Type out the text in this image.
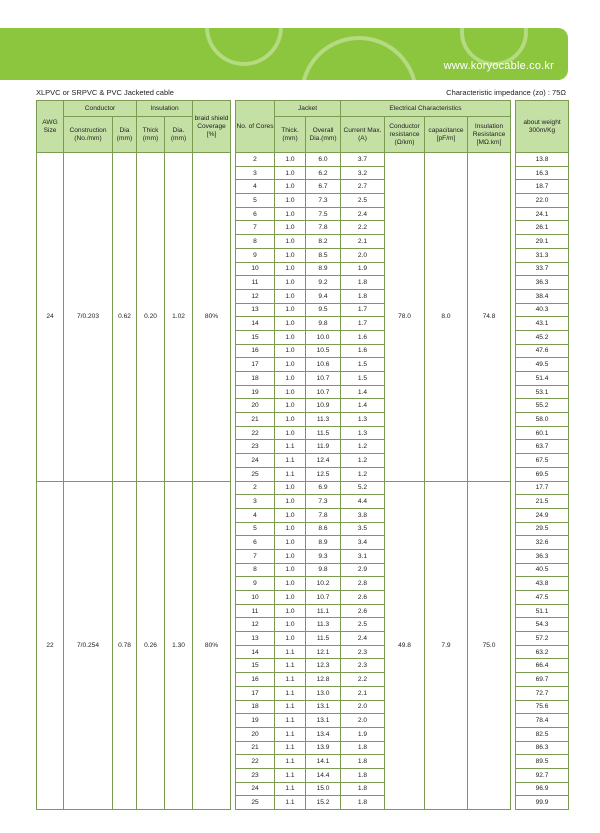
www.koryocable.co.kr
XLPVC or SRPVC & PVC Jacketed cable	Characteristic impedance (zo) : 75Ω
AWG Size	Conductor		Insulation		braid shield Coverage [%]		No. of Cores	Jacket		Electrical Characteristics					about weight 300m/Kg
	Construction (No./mm)	Dia (mm)	Thick (mm)	Dia. (mm)				Thick. (mm)	Overall Dia.(mm)	Current Max.(A)	Conductor resistance (Ω/km)	capacitance [pF/m]	Insulation Resistance [MΩ.km]		
24	7/0.203	0.62	0.20	1.02	80%		2	1.0	6.0	3.7	78.0	8.0	74.8		13.8
							3	1.0	6.2	3.2					16.3
							4	1.0	6.7	2.7					18.7
							5	1.0	7.3	2.5					22.0
							6	1.0	7.5	2.4					24.1
							7	1.0	7.8	2.2					26.1
							8	1.0	8.2	2.1					29.1
							9	1.0	8.5	2.0					31.3
							10	1.0	8.9	1.9					33.7
							11	1.0	9.2	1.8					36.3
							12	1.0	9.4	1.8					38.4
							13	1.0	9.5	1.7					40.3
							14	1.0	9.8	1.7					43.1
							15	1.0	10.0	1.6					45.2
							16	1.0	10.5	1.6					47.6
							17	1.0	10.6	1.5					49.5
							18	1.0	10.7	1.5					51.4
							19	1.0	10.7	1.4					53.1
							20	1.0	10.9	1.4					55.2
							21	1.0	11.3	1.3					58.0
							22	1.0	11.5	1.3					60.1
							23	1.1	11.9	1.2					63.7
							24	1.1	12.4	1.2					67.5
							25	1.1	12.5	1.2					69.5
22	7/0.254	0.78	0.26	1.30	80%		2	1.0	6.9	5.2	49.8	7.9	75.0		17.7
							3	1.0	7.3	4.4					21.5
							4	1.0	7.8	3.8					24.9
							5	1.0	8.6	3.5					29.5
							6	1.0	8.9	3.4					32.6
							7	1.0	9.3	3.1					36.3
							8	1.0	9.8	2.9					40.5
							9	1.0	10.2	2.8					43.8
							10	1.0	10.7	2.6					47.5
							11	1.0	11.1	2.6					51.1
							12	1.0	11.3	2.5					54.3
							13	1.0	11.5	2.4					57.2
							14	1.1	12.1	2.3					63.2
							15	1.1	12.3	2.3					66.4
							16	1.1	12.8	2.2					69.7
							17	1.1	13.0	2.1					72.7
							18	1.1	13.1	2.0					75.6
							19	1.1	13.1	2.0					78.4
							20	1.1	13.4	1.9					82.5
							21	1.1	13.9	1.8					86.3
							22	1.1	14.1	1.8					89.5
							23	1.1	14.4	1.8					92.7
							24	1.1	15.0	1.8					96.9
							25	1.1	15.2	1.8					99.9
